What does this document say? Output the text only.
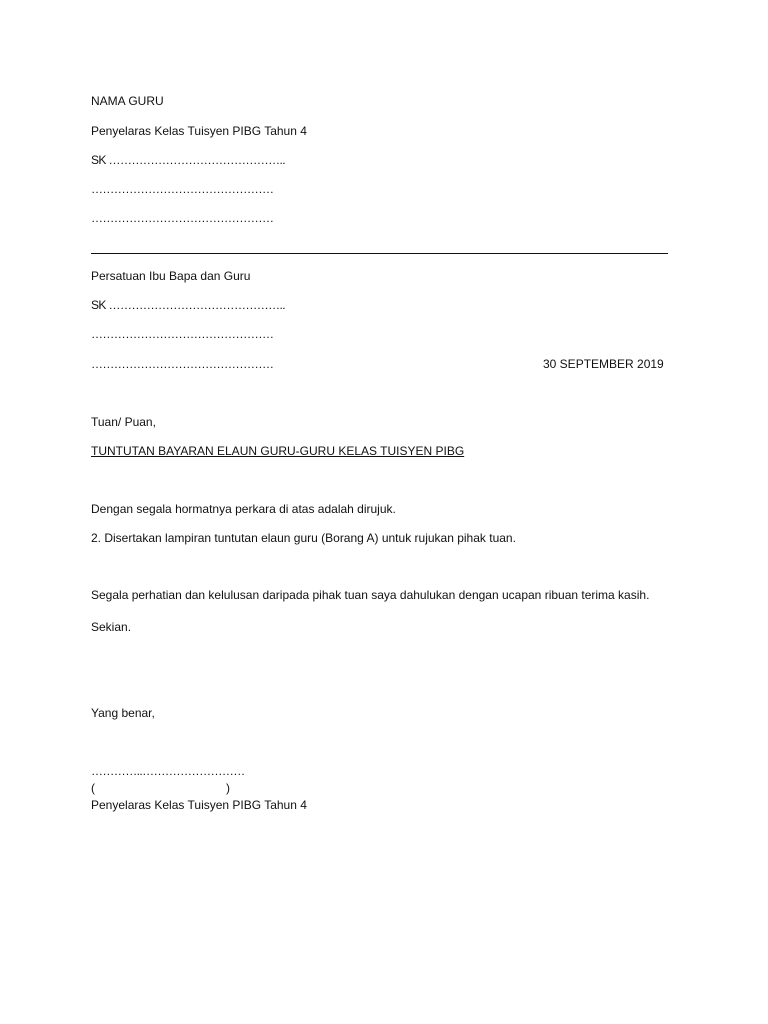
NAMA GURU
Penyelaras Kelas Tuisyen PIBG Tahun 4
SK ………………………………………..
…………………………………………
…………………………………………
Persatuan Ibu Bapa dan Guru
SK ………………………………………..
…………………………………………
…………………………………………	30 SEPTEMBER 2019
Tuan/ Puan,
TUNTUTAN BAYARAN ELAUN GURU-GURU KELAS TUISYEN PIBG
Dengan segala hormatnya perkara di atas adalah dirujuk.
2. Disertakan lampiran tuntutan elaun guru (Borang A) untuk rujukan pihak tuan.
Segala perhatian dan kelulusan daripada pihak tuan saya dahulukan dengan ucapan ribuan terima kasih.
Sekian.
Yang benar,
…………..………………………
(	)
Penyelaras Kelas Tuisyen PIBG Tahun 4
